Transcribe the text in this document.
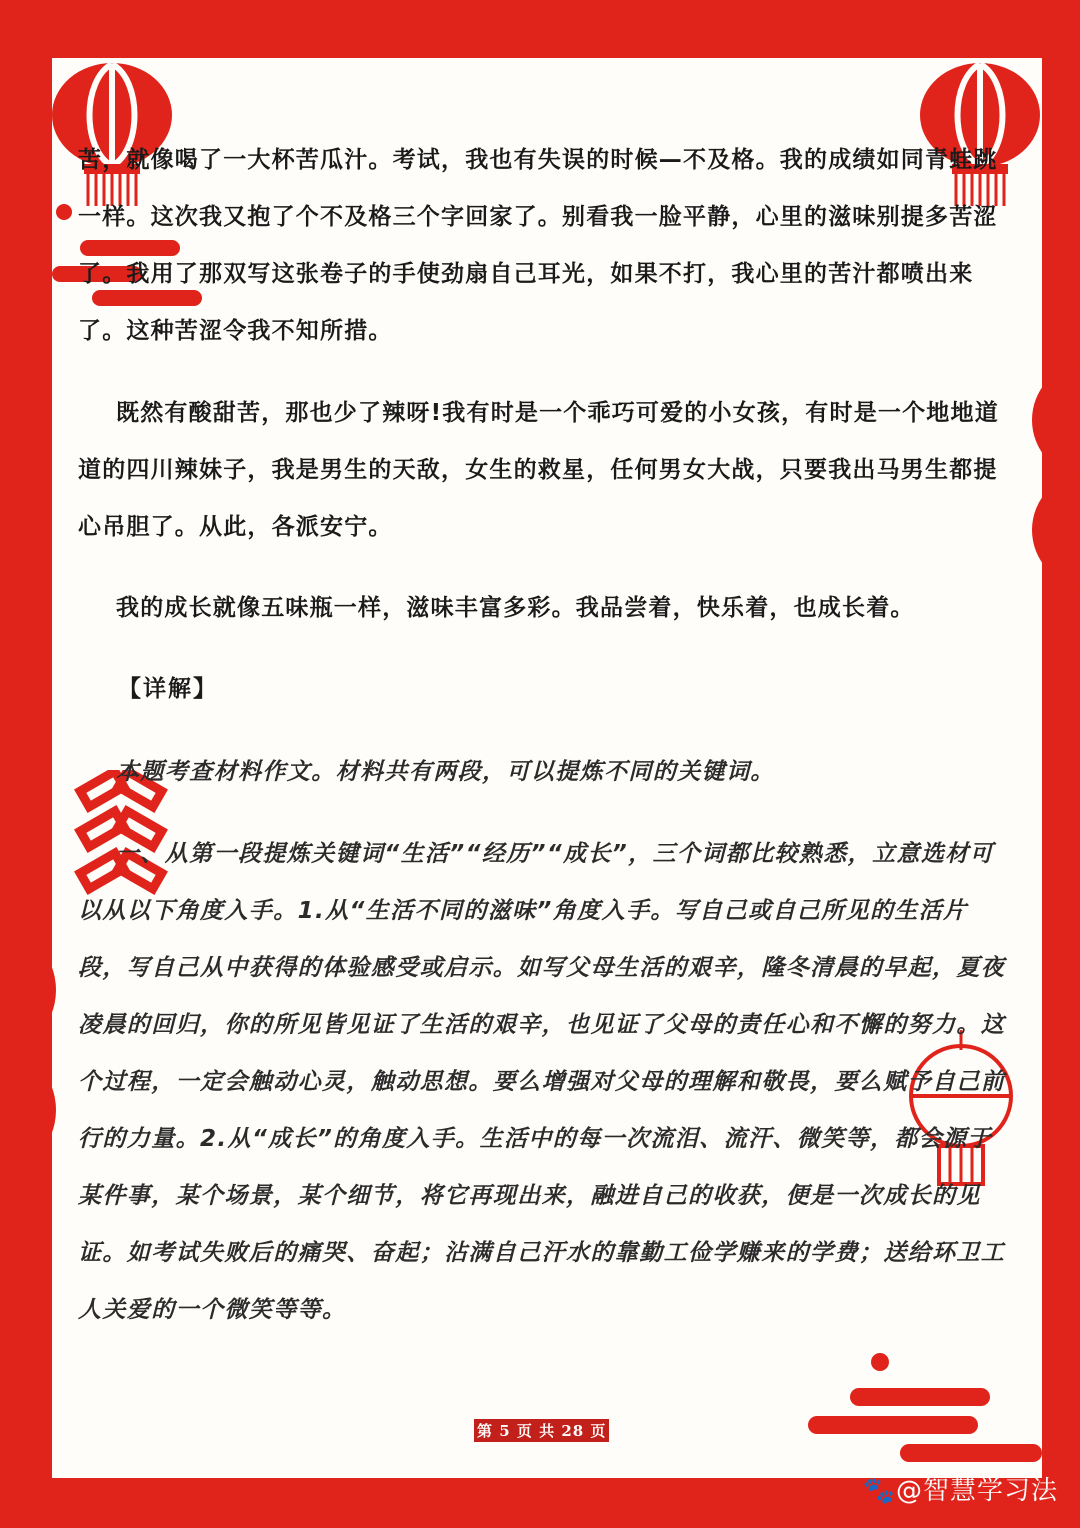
苦，就像喝了一大杯苦瓜汁。考试，我也有失误的时候—不及格。我的成绩如同青蛙跳一样。这次我又抱了个不及格三个字回家了。别看我一脸平静，心里的滋味别提多苦涩了。我用了那双写这张卷子的手使劲扇自己耳光，如果不打，我心里的苦汁都喷出来了。这种苦涩令我不知所措。
既然有酸甜苦，那也少了辣呀!我有时是一个乖巧可爱的小女孩，有时是一个地地道道的四川辣妹子，我是男生的天敌，女生的救星，任何男女大战，只要我出马男生都提心吊胆了。从此，各派安宁。
我的成长就像五味瓶一样，滋味丰富多彩。我品尝着，快乐着，也成长着。
【详解】
本题考查材料作文。材料共有两段，可以提炼不同的关键词。
一、从第一段提炼关键词“生活”“经历”“成长”，三个词都比较熟悉，立意选材可以从以下角度入手。1.从“生活不同的滋味”角度入手。写自己或自己所见的生活片段，写自己从中获得的体验感受或启示。如写父母生活的艰辛，隆冬清晨的早起，夏夜凌晨的回归，你的所见皆见证了生活的艰辛，也见证了父母的责任心和不懈的努力。这个过程，一定会触动心灵，触动思想。要么增强对父母的理解和敬畏，要么赋予自己前行的力量。2.从“成长”的角度入手。生活中的每一次流泪、流汗、微笑等，都会源于某件事，某个场景，某个细节，将它再现出来，融进自己的收获，便是一次成长的见证。如考试失败后的痛哭、奋起；沾满自己汗水的靠勤工俭学赚来的学费；送给环卫工人关爱的一个微笑等等。
第 5 页 共 28 页
🐾@智慧学习法
